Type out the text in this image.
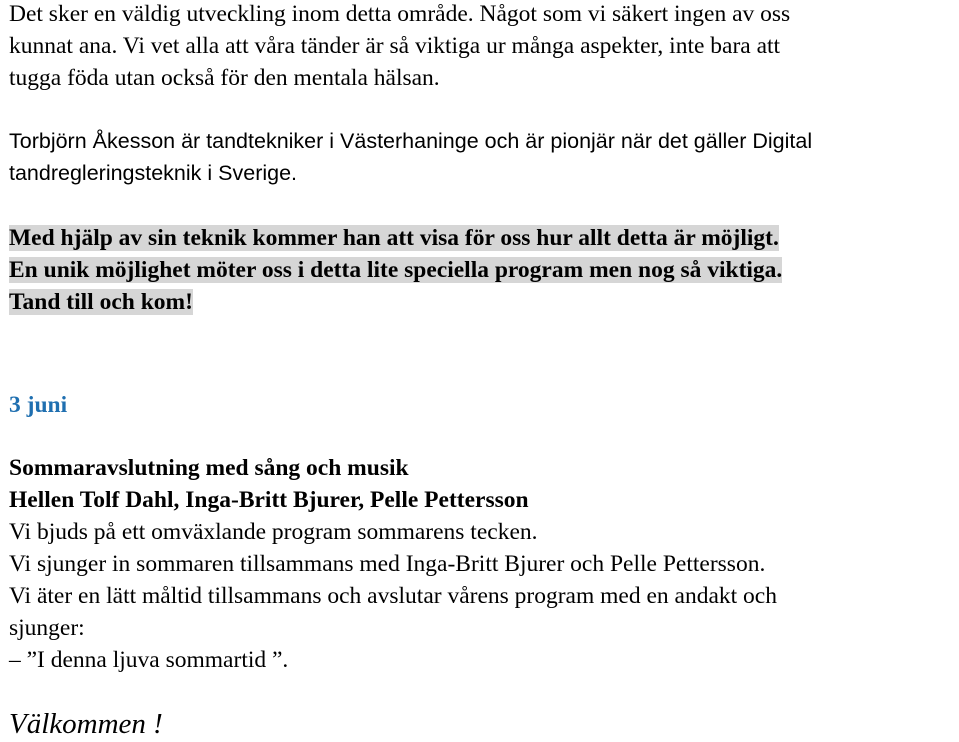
Det sker en väldig utveckling inom detta område. Något som vi säkert ingen av oss
kunnat ana. Vi vet alla att våra tänder är så viktiga ur många aspekter, inte bara att
tugga föda utan också för den mentala hälsan.
Torbjörn Åkesson är tandtekniker i Västerhaninge och är pionjär när det gäller Digital
tandregleringsteknik i Sverige.
Med hjälp av sin teknik kommer han att visa för oss hur allt detta är möjligt.
En unik möjlighet möter oss i detta lite speciella program men nog så viktiga.
Tand till och kom!
3 juni
Sommaravslutning med sång och musik
Hellen Tolf Dahl, Inga-Britt Bjurer, Pelle Pettersson
Vi bjuds på ett omväxlande program sommarens tecken.
Vi sjunger in sommaren tillsammans med Inga-Britt Bjurer och Pelle Pettersson.
Vi äter en lätt måltid tillsammans och avslutar vårens program med en andakt och
sjunger:
– ”I denna ljuva sommartid ”.
Välkommen !
